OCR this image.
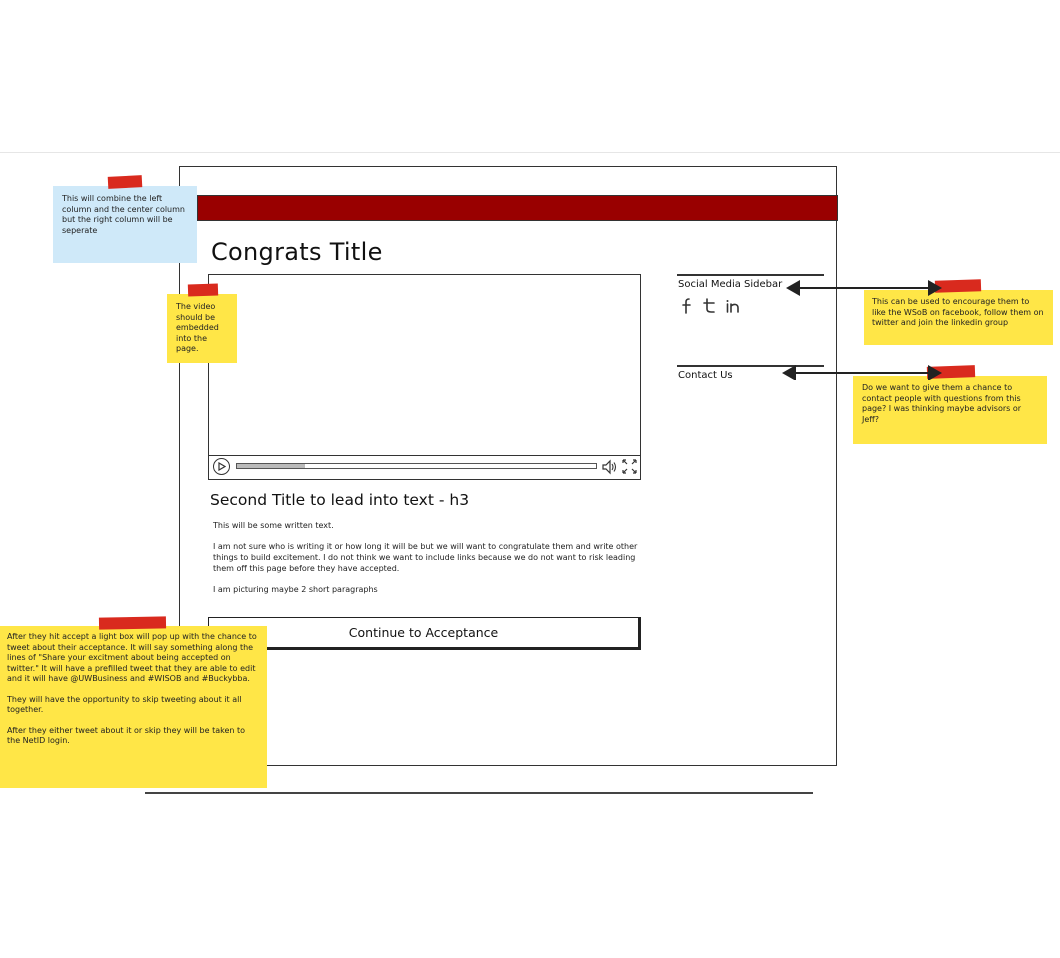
Congrats Title
Second Title to lead into text - h3

This will be some written text.

I am not sure who is writing it or how long it will be but we will want to congratulate them and write other things to build excitement. I do not think we want to include links because we do not want to risk leading them off this page before they have accepted.

I am picturing maybe 2 short paragraphs

Continue to Acceptance
Social Media Sidebar
Contact Us
This will combine the left column and the center column but the right column will be seperate
The video should be embedded into the page.
This can be used to encourage them to like the WSoB on facebook, follow them on twitter and join the linkedin group
Do we want to give them a chance to contact people with questions from this page? I was thinking maybe advisors or Jeff?

After they hit accept a light box will pop up with the chance to tweet about their acceptance. It will say something along the lines of "Share your excitment about being accepted on twitter." It will have a prefilled tweet that they are able to edit and it will have @UWBusiness and #WISOB and #Buckybba.

They will have the opportunity to skip tweeting about it all together.

After they either tweet about it or skip they will be taken to the NetID login.
